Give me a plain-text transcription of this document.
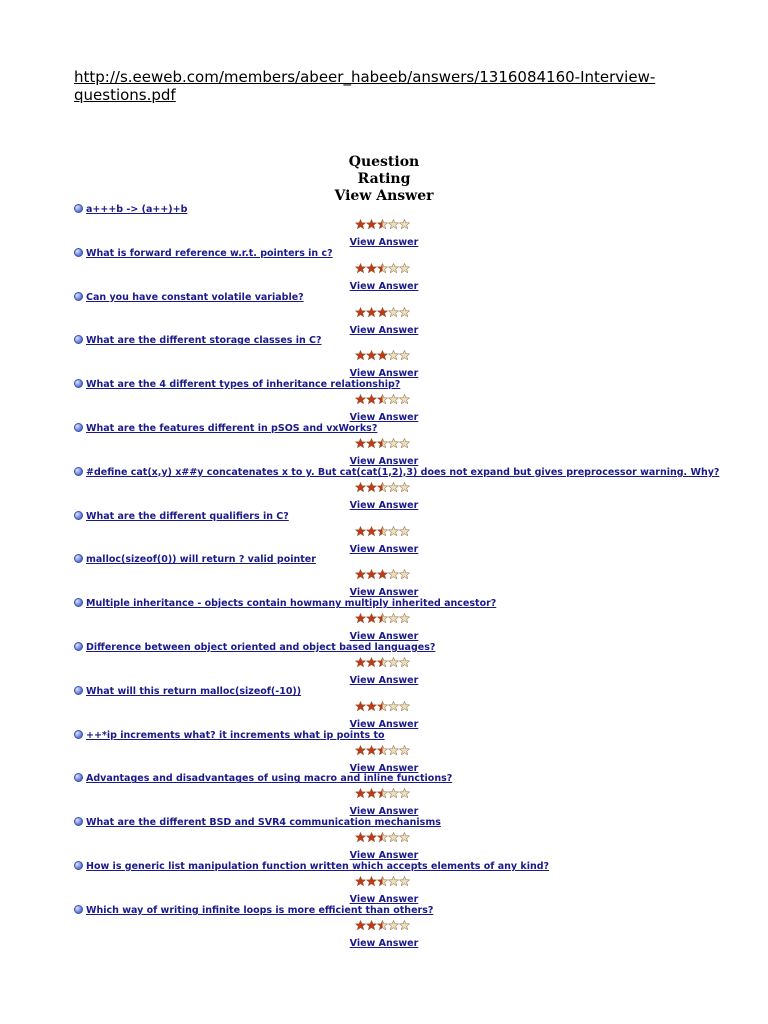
http://s.eeweb.com/members/abeer_habeeb/answers/1316084160-Interview-questions.pdf
Question
Rating
View Answer
a+++b -> (a++)+b
View Answer
What is forward reference w.r.t. pointers in c?
View Answer
Can you have constant volatile variable?
View Answer
What are the different storage classes in C?
View Answer
What are the 4 different types of inheritance relationship?
View Answer
What are the features different in pSOS and vxWorks?
View Answer
#define cat(x,y) x##y concatenates x to y. But cat(cat(1,2),3) does not expand but gives preprocessor warning. Why?
View Answer
What are the different qualifiers in C?
View Answer
malloc(sizeof(0)) will return ? valid pointer
View Answer
Multiple inheritance - objects contain howmany multiply inherited ancestor?
View Answer
Difference between object oriented and object based languages?
View Answer
What will this return malloc(sizeof(-10))
View Answer
++*ip increments what? it increments what ip points to
View Answer
Advantages and disadvantages of using macro and inline functions?
View Answer
What are the different BSD and SVR4 communication mechanisms
View Answer
How is generic list manipulation function written which accepts elements of any kind?
View Answer
Which way of writing infinite loops is more efficient than others?
View Answer
